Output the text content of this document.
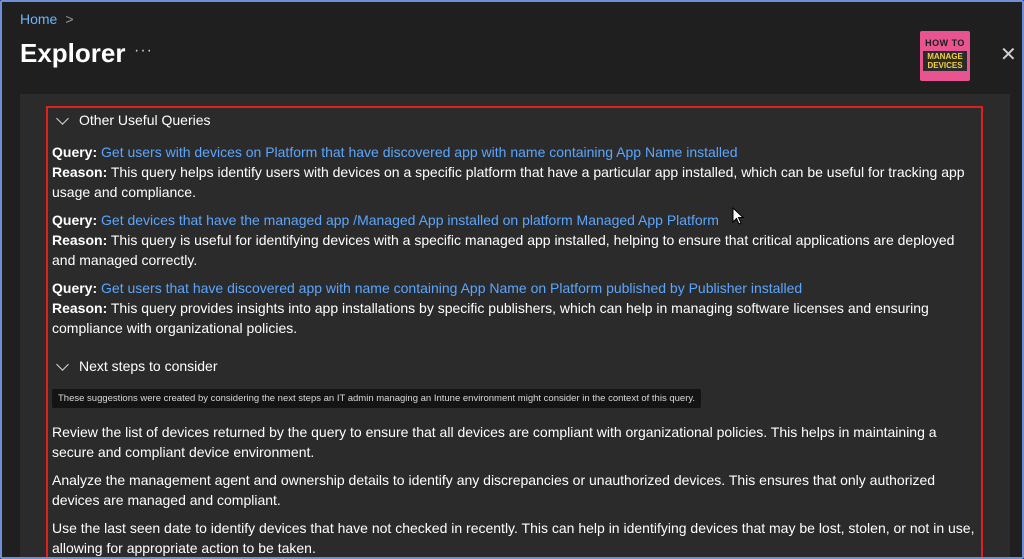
Home >
Explorer ···	HOW TO
MANAGE
DEVICES ✕
Other Useful Queries
Query: Get users with devices on Platform that have discovered app with name containing App Name installed
Reason: This query helps identify users with devices on a specific platform that have a particular app installed, which can be useful for tracking app usage and compliance.
Query: Get devices that have the managed app /Managed App installed on platform Managed App Platform
Reason: This query is useful for identifying devices with a specific managed app installed, helping to ensure that critical applications are deployed and managed correctly.
Query: Get users that have discovered app with name containing App Name on Platform published by Publisher installed
Reason: This query provides insights into app installations by specific publishers, which can help in managing software licenses and ensuring compliance with organizational policies.
Next steps to consider
These suggestions were created by considering the next steps an IT admin managing an Intune environment might consider in the context of this query.
Review the list of devices returned by the query to ensure that all devices are compliant with organizational policies. This helps in maintaining a secure and compliant device environment.
Analyze the management agent and ownership details to identify any discrepancies or unauthorized devices. This ensures that only authorized devices are managed and compliant.
Use the last seen date to identify devices that have not checked in recently. This can help in identifying devices that may be lost, stolen, or not in use, allowing for appropriate action to be taken.
